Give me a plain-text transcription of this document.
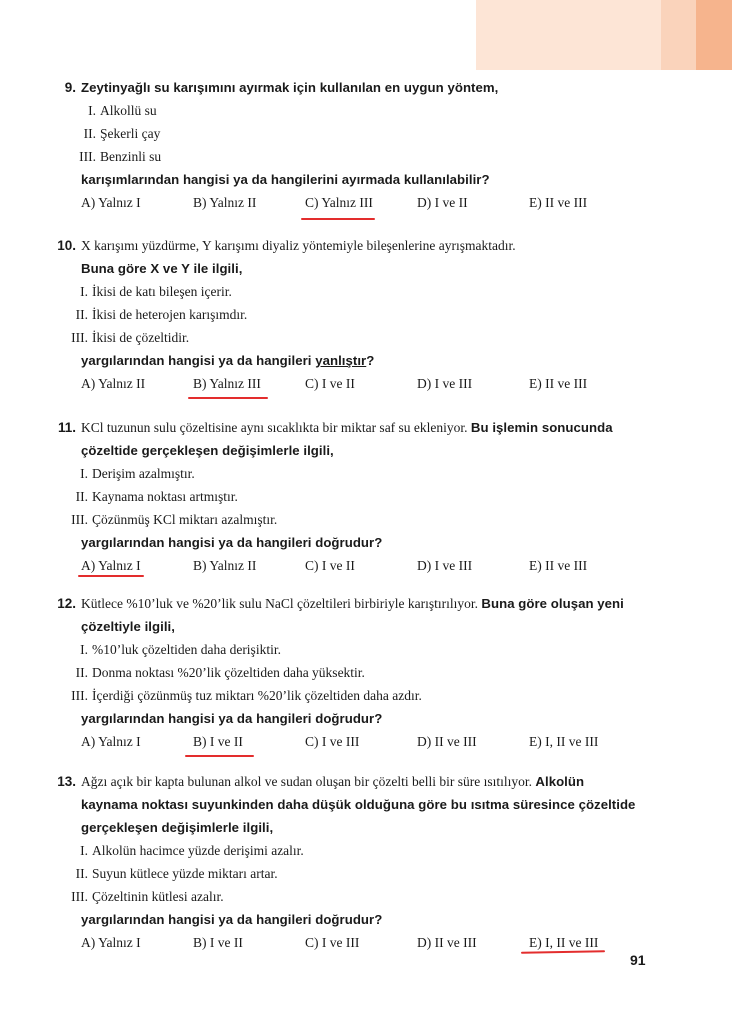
9. Zeytinyağlı su karışımını ayırmak için kullanılan en uygun yöntem,
I. Alkollü su
II. Şekerli çay
III. Benzinli su
karışımlarından hangisi ya da hangilerini ayırmada kullanılabilir?
A) Yalnız I	B) Yalnız II	C) Yalnız III	D) I ve II	E) II ve III
10. X karışımı yüzdürme, Y karışımı diyaliz yöntemiyle bileşenlerine ayrışmaktadır.
Buna göre X ve Y ile ilgili,
I. İkisi de katı bileşen içerir.
II. İkisi de heterojen karışımdır.
III. İkisi de çözeltidir.
yargılarından hangisi ya da hangileri yanlıştır?
A) Yalnız II	B) Yalnız III	C) I ve II	D) I ve III	E) II ve III
11. KCl tuzunun sulu çözeltisine aynı sıcaklıkta bir miktar saf su ekleniyor. Bu işlemin sonucunda
çözeltide gerçekleşen değişimlerle ilgili,
I. Derişim azalmıştır.
II. Kaynama noktası artmıştır.
III. Çözünmüş KCl miktarı azalmıştır.
yargılarından hangisi ya da hangileri doğrudur?
A) Yalnız I	B) Yalnız II	C) I ve II	D) I ve III	E) II ve III
12. Kütlece %10’luk ve %20’lik sulu NaCl çözeltileri birbiriyle karıştırılıyor. Buna göre oluşan yeni
çözeltiyle ilgili,
I. %10’luk çözeltiden daha derişiktir.
II. Donma noktası %20’lik çözeltiden daha yüksektir.
III. İçerdiği çözünmüş tuz miktarı %20’lik çözeltiden daha azdır.
yargılarından hangisi ya da hangileri doğrudur?
A) Yalnız I	B) I ve II	C) I ve III	D) II ve III	E) I, II ve III
13. Ağzı açık bir kapta bulunan alkol ve sudan oluşan bir çözelti belli bir süre ısıtılıyor. Alkolün
kaynama noktası suyunkinden daha düşük olduğuna göre bu ısıtma süresince çözeltide
gerçekleşen değişimlerle ilgili,
I. Alkolün hacimce yüzde derişimi azalır.
II. Suyun kütlece yüzde miktarı artar.
III. Çözeltinin kütlesi azalır.
yargılarından hangisi ya da hangileri doğrudur?
A) Yalnız I	B) I ve II	C) I ve III	D) II ve III	E) I, II ve III
91
